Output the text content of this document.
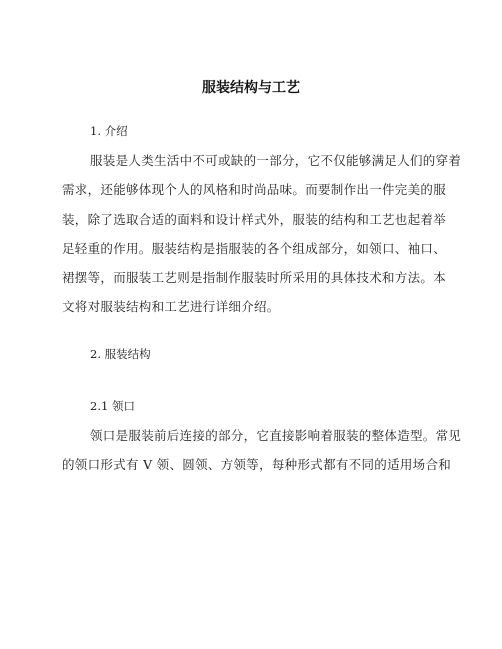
服装结构与工艺
1. 介绍
服装是人类生活中不可或缺的一部分，它不仅能够满足人们的穿着
需求，还能够体现个人的风格和时尚品味。而要制作出一件完美的服
装，除了选取合适的面料和设计样式外，服装的结构和工艺也起着举
足轻重的作用。服装结构是指服装的各个组成部分，如领口、袖口、
裙摆等，而服装工艺则是指制作服装时所采用的具体技术和方法。本
文将对服装结构和工艺进行详细介绍。
2. 服装结构
2.1 领口
领口是服装前后连接的部分，它直接影响着服装的整体造型。常见
的领口形式有 V 领、圆领、方领等，每种形式都有不同的适用场合和
